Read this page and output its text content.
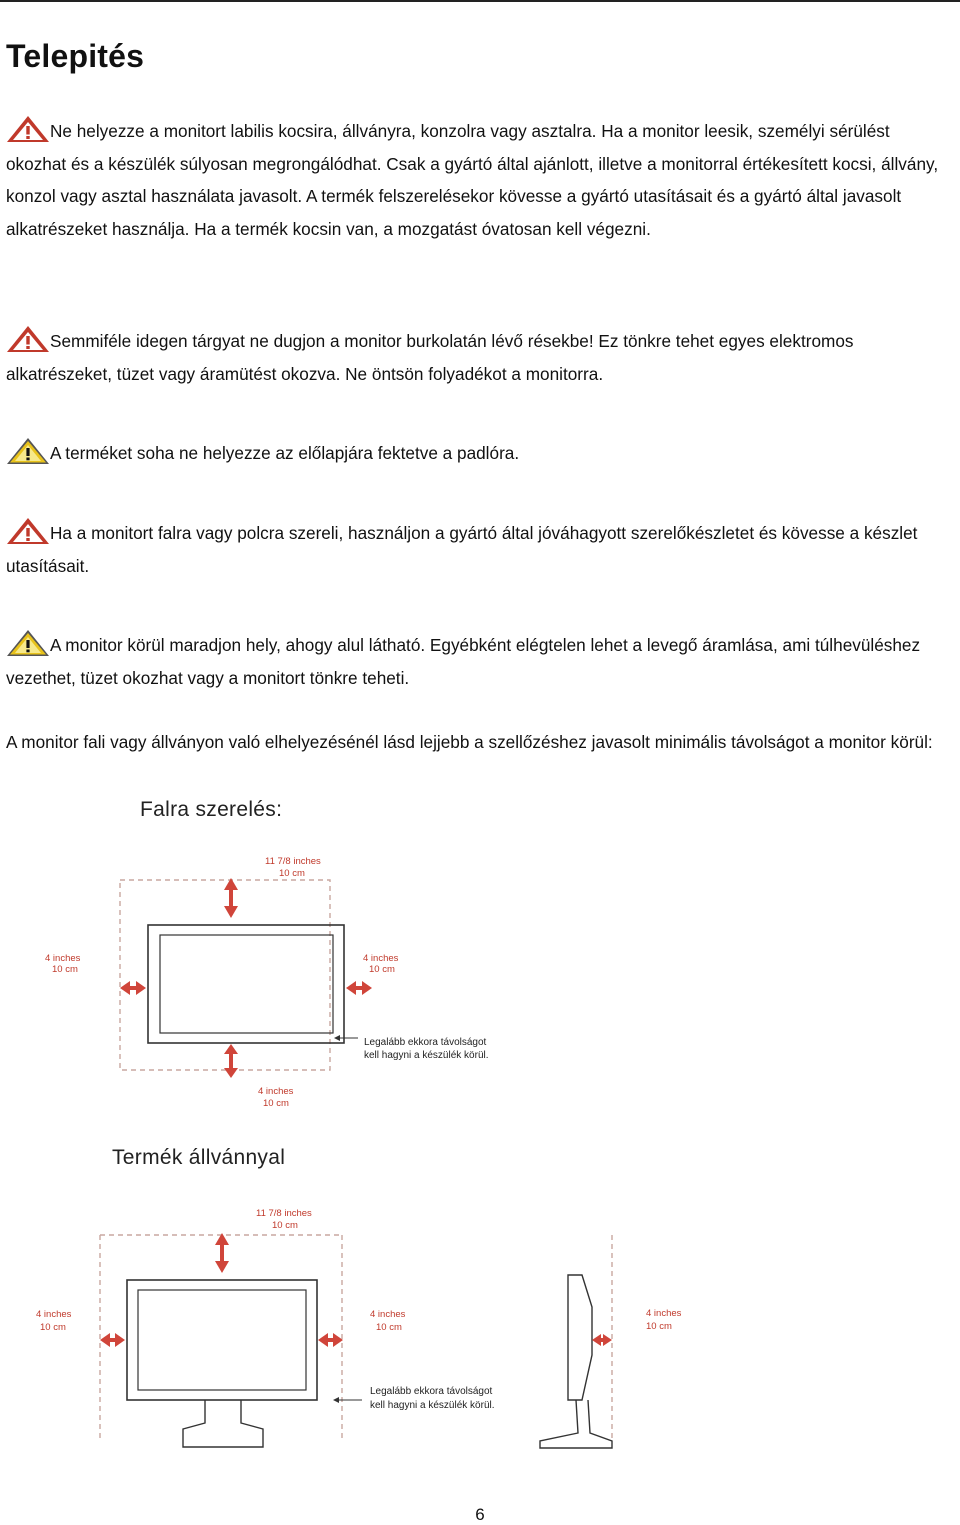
Telepités

Ne helyezze a monitort labilis kocsira, állványra, konzolra vagy asztalra. Ha a monitor leesik, személyi sérülést okozhat és a készülék súlyosan megrongálódhat. Csak a gyártó által ajánlott, illetve a monitorral értékesített kocsi, állvány, konzol vagy asztal használata javasolt. A termék felszerelésekor kövesse a gyártó utasításait és a gyártó által javasolt alkatrészeket használja. Ha a termék kocsin van, a mozgatást óvatosan kell végezni.

Semmiféle idegen tárgyat ne dugjon a monitor burkolatán lévő résekbe! Ez tönkre tehet egyes elektromos alkatrészeket, tüzet vagy áramütést okozva. Ne öntsön folyadékot a monitorra.

A terméket soha ne helyezze az előlapjára fektetve a padlóra.

Ha a monitort falra vagy polcra szereli, használjon a gyártó által jóváhagyott szerelőkészletet és kövesse a készlet utasításait.

A monitor körül maradjon hely, ahogy alul látható. Egyébként elégtelen lehet a levegő áramlása, ami túlhevüléshez vezethet, tüzet okozhat vagy a monitort tönkre teheti.

A monitor fali vagy állványon való elhelyezésénél lásd lejjebb a szellőzéshez javasolt minimális távolságot a monitor körül:

Falra szerelés:
11 7/8 inches
10 cm
4 inches
10 cm
4 inches
10 cm
4 inches
10 cm
Legalább ekkora távolságot
kell hagyni a készülék körül.
Termék állvánnyal
11 7/8 inches
10 cm
4 inches
10 cm
4 inches
10 cm
4 inches
10 cm
Legalább ekkora távolságot
kell hagyni a készülék körül.
6
